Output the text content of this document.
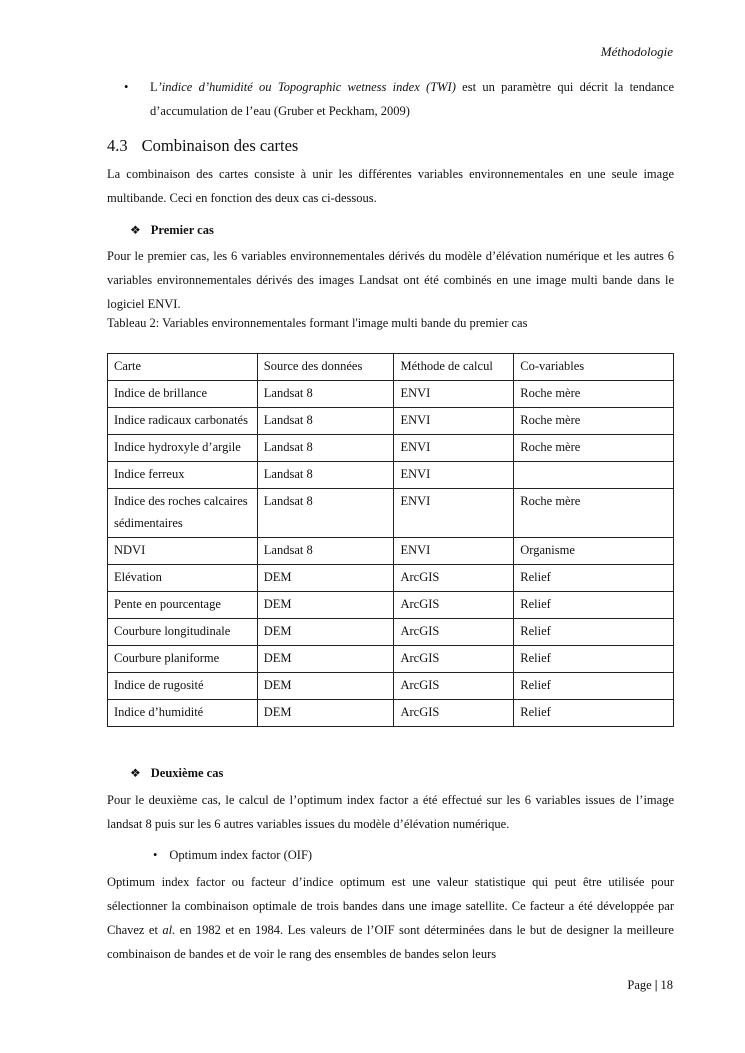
Méthodologie
• L’indice d’humidité ou Topographic wetness index (TWI) est un paramètre qui décrit la tendance d’accumulation de l’eau (Gruber et Peckham, 2009)
4.3 Combinaison des cartes

La combinaison des cartes consiste à unir les différentes variables environnementales en une seule image multibande. Ceci en fonction des deux cas ci-dessous.

❖ Premier cas

Pour le premier cas, les 6 variables environnementales dérivés du modèle d’élévation numérique et les autres 6 variables environnementales dérivés des images Landsat ont été combinés en une image multi bande dans le logiciel ENVI.

Tableau 2: Variables environnementales formant l'image multi bande du premier cas
Carte	Source des données	Méthode de calcul	Co-variables
Indice de brillance	Landsat 8	ENVI	Roche mère
Indice radicaux carbonatés	Landsat 8	ENVI	Roche mère
Indice hydroxyle d’argile	Landsat 8	ENVI	Roche mère
Indice ferreux	Landsat 8	ENVI	
Indice des roches calcaires sédimentaires	Landsat 8	ENVI	Roche mère
NDVI	Landsat 8	ENVI	Organisme
Elévation	DEM	ArcGIS	Relief
Pente en pourcentage	DEM	ArcGIS	Relief
Courbure longitudinale	DEM	ArcGIS	Relief
Courbure planiforme	DEM	ArcGIS	Relief
Indice de rugosité	DEM	ArcGIS	Relief
Indice d’humidité	DEM	ArcGIS	Relief
❖ Deuxième cas

Pour le deuxième cas, le calcul de l’optimum index factor a été effectué sur les 6 variables issues de l’image landsat 8 puis sur les 6 autres variables issues du modèle d’élévation numérique.

• Optimum index factor (OIF)

Optimum index factor ou facteur d’indice optimum est une valeur statistique qui peut être utilisée pour sélectionner la combinaison optimale de trois bandes dans une image satellite. Ce facteur a été développée par Chavez et al. en 1982 et en 1984. Les valeurs de l’OIF sont déterminées dans le but de designer la meilleure combinaison de bandes et de voir le rang des ensembles de bandes selon leurs

Page | 18
